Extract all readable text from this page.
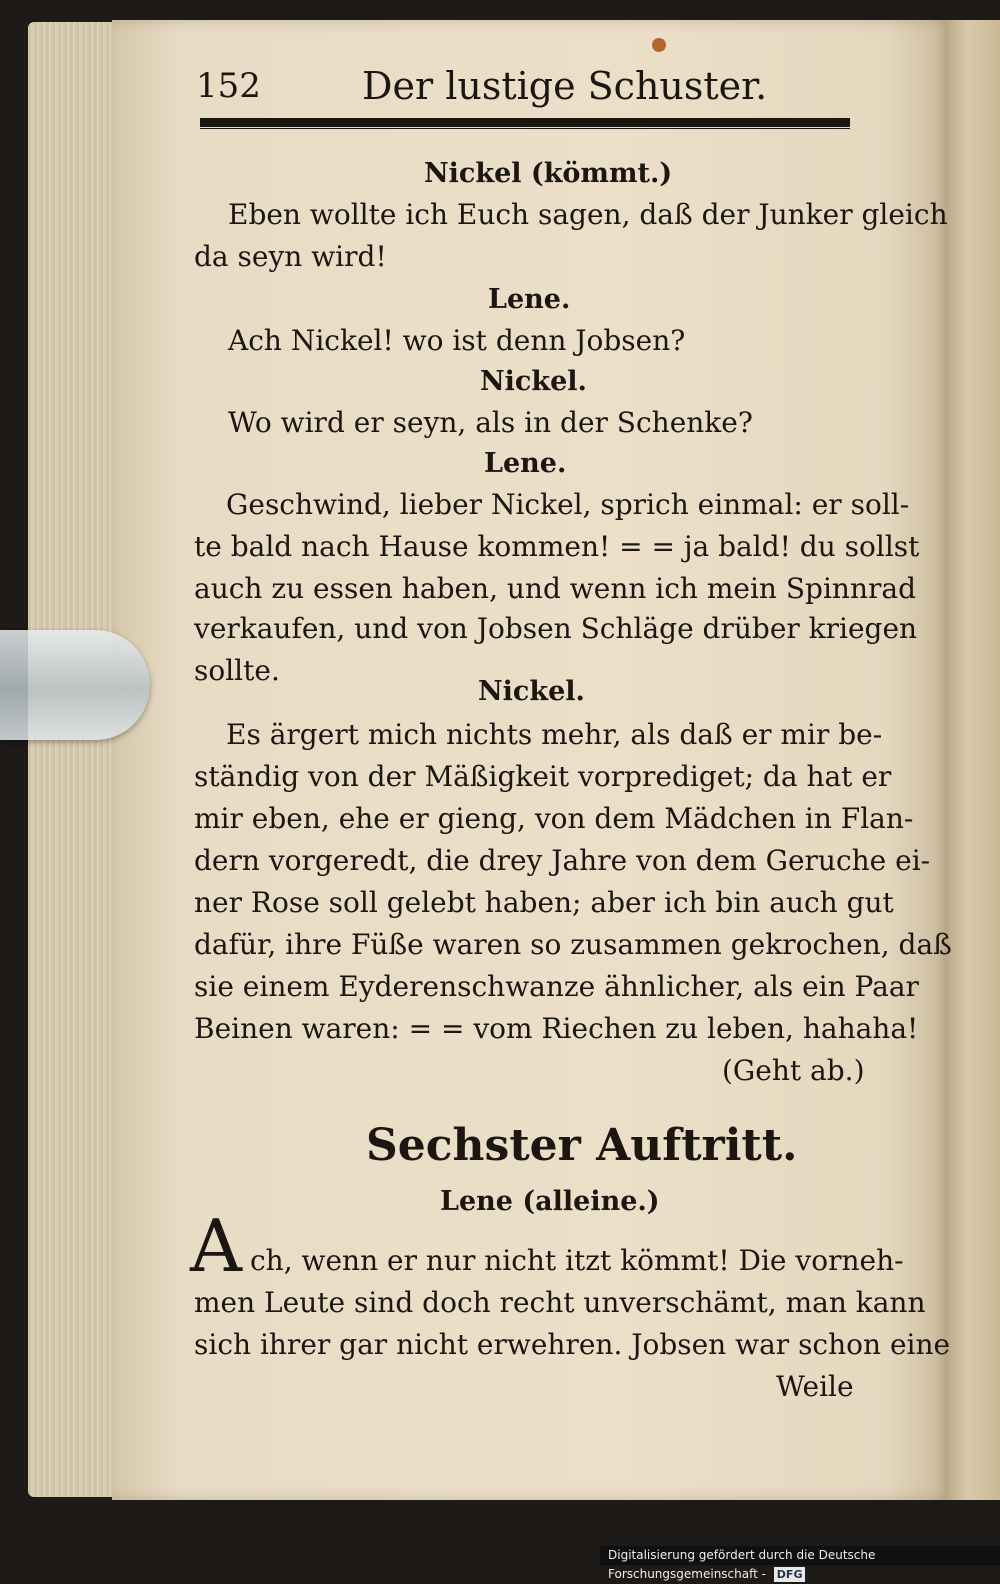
152	Der lustige Schuster.
Nickel (kömmt.)
Eben wollte ich Euch sagen, daß der Junker gleich
da seyn wird!
Lene.
Ach Nickel! wo ist denn Jobsen?
Nickel.
Wo wird er seyn, als in der Schenke?
Lene.
Geschwind, lieber Nickel, sprich einmal: er soll-
te bald nach Hause kommen! = = ja bald! du sollst
auch zu essen haben, und wenn ich mein Spinnrad
verkaufen, und von Jobsen Schläge drüber kriegen
sollte.
Nickel.
Es ärgert mich nichts mehr, als daß er mir be-
ständig von der Mäßigkeit vorprediget; da hat er
mir eben, ehe er gieng, von dem Mädchen in Flan-
dern vorgeredt, die drey Jahre von dem Geruche ei-
ner Rose soll gelebt haben; aber ich bin auch gut
dafür, ihre Füße waren so zusammen gekrochen, daß
sie einem Eyderenschwanze ähnlicher, als ein Paar
Beinen waren: = = vom Riechen zu leben, hahaha!
(Geht ab.)
Sechster Auftritt.
Lene (alleine.)
A ch, wenn er nur nicht itzt kömmt! Die vorneh-
men Leute sind doch recht unverschämt, man kann
sich ihrer gar nicht erwehren. Jobsen war schon eine
Weile
Digitalisierung gefördert durch die Deutsche Forschungsgemeinschaft - DFG
